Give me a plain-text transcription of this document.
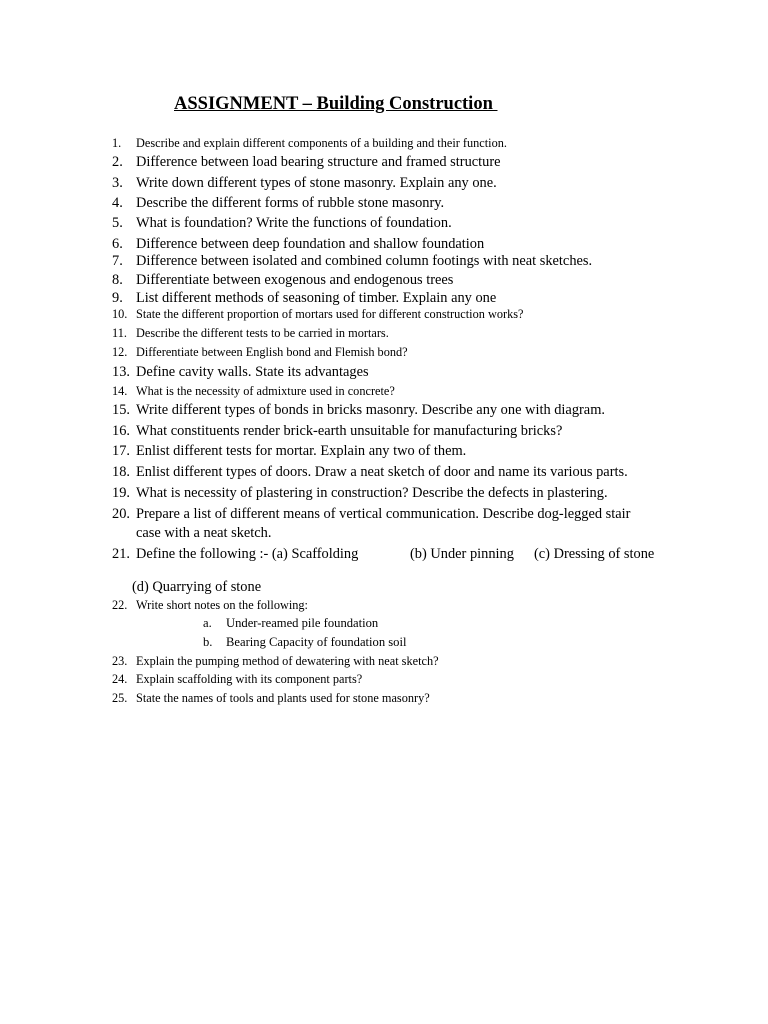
ASSIGNMENT – Building Construction
1. Describe and explain different components of a building and their function.
2. Difference between load bearing structure and framed structure
3. Write down different types of stone masonry. Explain any one.
4. Describe the different forms of rubble stone masonry.
5. What is foundation? Write the functions of foundation.
6. Difference between deep foundation and shallow foundation
7. Difference between isolated and combined column footings with neat sketches.
8. Differentiate between exogenous and endogenous trees
9. List different methods of seasoning of timber. Explain any one
10. State the different proportion of mortars used for different construction works?
11. Describe the different tests to be carried in mortars.
12. Differentiate between English bond and Flemish bond?
13. Define cavity walls. State its advantages
14. What is the necessity of admixture used in concrete?
15. Write different types of bonds in bricks masonry. Describe any one with diagram.
16. What constituents render brick-earth unsuitable for manufacturing bricks?
17. Enlist different tests for mortar. Explain any two of them.
18. Enlist different types of doors. Draw a neat sketch of door and name its various parts.
19. What is necessity of plastering in construction? Describe the defects in plastering.
20. Prepare a list of different means of vertical communication. Describe dog-legged stair
case with a neat sketch.
21. Define the following :- (a) Scaffolding	(b) Under pinning (c) Dressing of stone
(d) Quarrying of stone
22. Write short notes on the following:
a. Under-reamed pile foundation
b. Bearing Capacity of foundation soil
23. Explain the pumping method of dewatering with neat sketch?
24. Explain scaffolding with its component parts?
25. State the names of tools and plants used for stone masonry?
